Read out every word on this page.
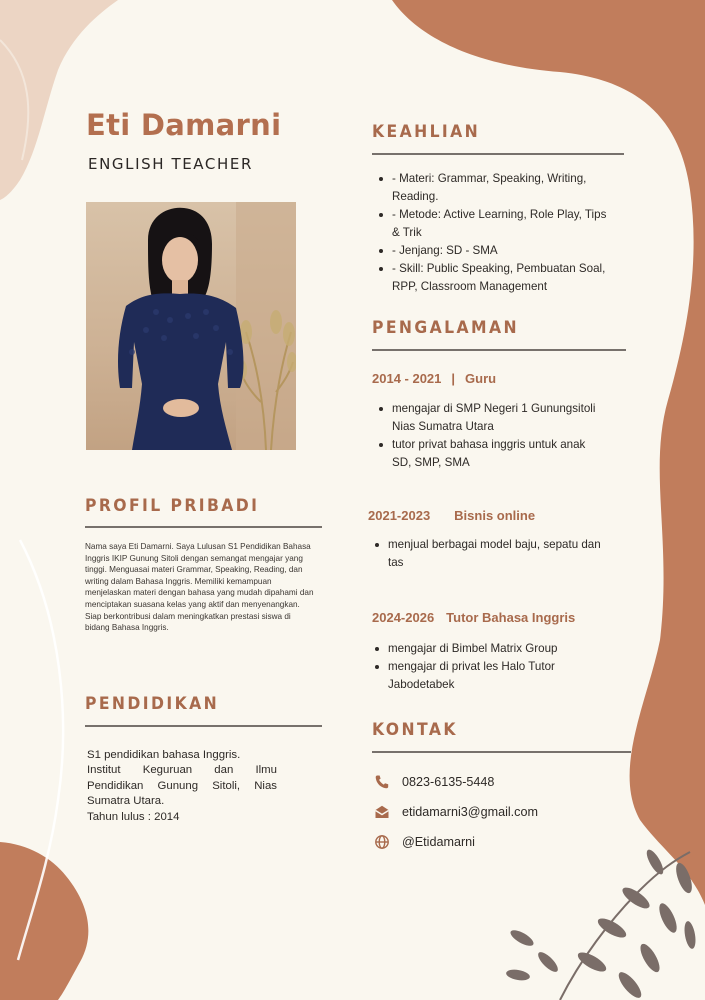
Eti Damarni
ENGLISH TEACHER
PROFIL PRIBADI

Nama saya Eti Damarni. Saya Lulusan S1 Pendidikan Bahasa Inggris IKIP Gunung Sitoli dengan semangat mengajar yang tinggi. Menguasai materi Grammar, Speaking, Reading, dan writing dalam Bahasa Inggris. Memiliki kemampuan menjelaskan materi dengan bahasa yang mudah dipahami dan menciptakan suasana kelas yang aktif dan menyenangkan. Siap berkontribusi dalam meningkatkan prestasi siswa di bidang Bahasa Inggris.

PENDIDIKAN

S1 pendidikan bahasa Inggris.

Institut Keguruan dan Ilmu Pendidikan Gunung Sitoli, Nias Sumatra Utara.

Tahun lulus : 2014

KEAHLIAN
- Materi: Grammar, Speaking, Writing, Reading.
- Metode: Active Learning, Role Play, Tips & Trik
- Jenjang: SD - SMA
- Skill: Public Speaking, Pembuatan Soal, RPP, Classroom Management
PENGALAMAN
2014 - 2021 | Guru
mengajar di SMP Negeri 1 Gunungsitoli Nias Sumatra Utara
tutor privat bahasa inggris untuk anak SD, SMP, SMA
2021-2023 Bisnis online
menjual berbagai model baju, sepatu dan tas
2024-2026 Tutor Bahasa Inggris
mengajar di Bimbel Matrix Group
mengajar di privat les Halo Tutor Jabodetabek
KONTAK
0823-6135-5448
etidamarni3@gmail.com
@Etidamarni
